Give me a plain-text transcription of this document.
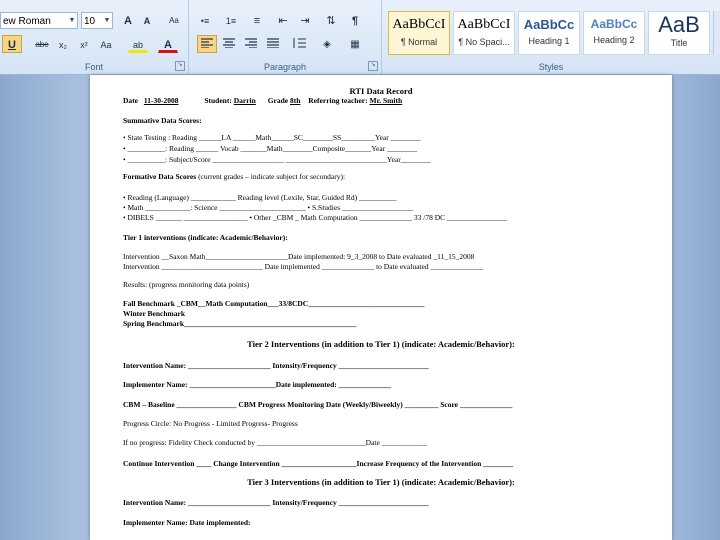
ew Roman	▼ 10 ▼	A	A	Aa
U	abe	x₂	x²	Aa	ab	A
Font	↘
•≡	1≡	≡	⇤	⇥	⇅	¶
◈	▦
Paragraph	↘
AaBbCcI
¶ Normal
AaBbCcI
¶ No Spaci...
AaBbCc
Heading 1
AaBbCc
Heading 2
AaB
Title
Styles
RTI Data Record
Date 11-30-2008	Student: Darrin Grade 8th Referring teacher: Mr. Smith
Summative Data Scores:
• State Testing : Reading ______LA ______Math______SC________SS_________Year ________
• __________: Reading ______ Vocab _______Math________Composite_______Year ________
• __________: Subject/Score ___________________ ___________________________Year________
Formative Data Scores (current grades – indicate subject for secondary):
• Reading (Language) ____________ Reading level (Lexile, Star, Guided Rd) __________
• Math ____________: Science _______________________ • S.Studies ___________________
• DIBELS _______ _________________ • Other _CBM _ Math Computation ______________ 33 /78 DC ________________
Tier 1 interventions (indicate: Academic/Behavior):
Intervention __Saxon Math______________________Date implemented: 9_3_2008 to Date evaluated _11_15_2008
Intervention ___________________________ Date implemented ______________ to Date evaluated ______________
Results: (progress monitoring data points)
Fall Benchmark _CBM__Math Computation___33/8CDC_______________________________
Winter Benchmark
Spring Benchmark______________________________________________
Tier 2 Interventions (in addition to Tier 1) (indicate: Academic/Behavior):
Intervention Name: ______________________ Intensity/Frequency ________________________
Implementer Name: _______________________Date implemented: ______________
CBM – Baseline ________________ CBM Progress Monitoring Date (Weekly/Biweekly) _________ Score ______________
Progress Circle: No Progress - Limited Progress- Progress
If no progress: Fidelity Check conducted by _____________________________Date ____________
Continue Intervention ____ Change Intervention ____________________Increase Frequency of the Intervention ________
Tier 3 Interventions (in addition to Tier 1) (indicate: Academic/Behavior):
Intervention Name: ______________________ Intensity/Frequency ________________________
Implementer Name: Date implemented:
